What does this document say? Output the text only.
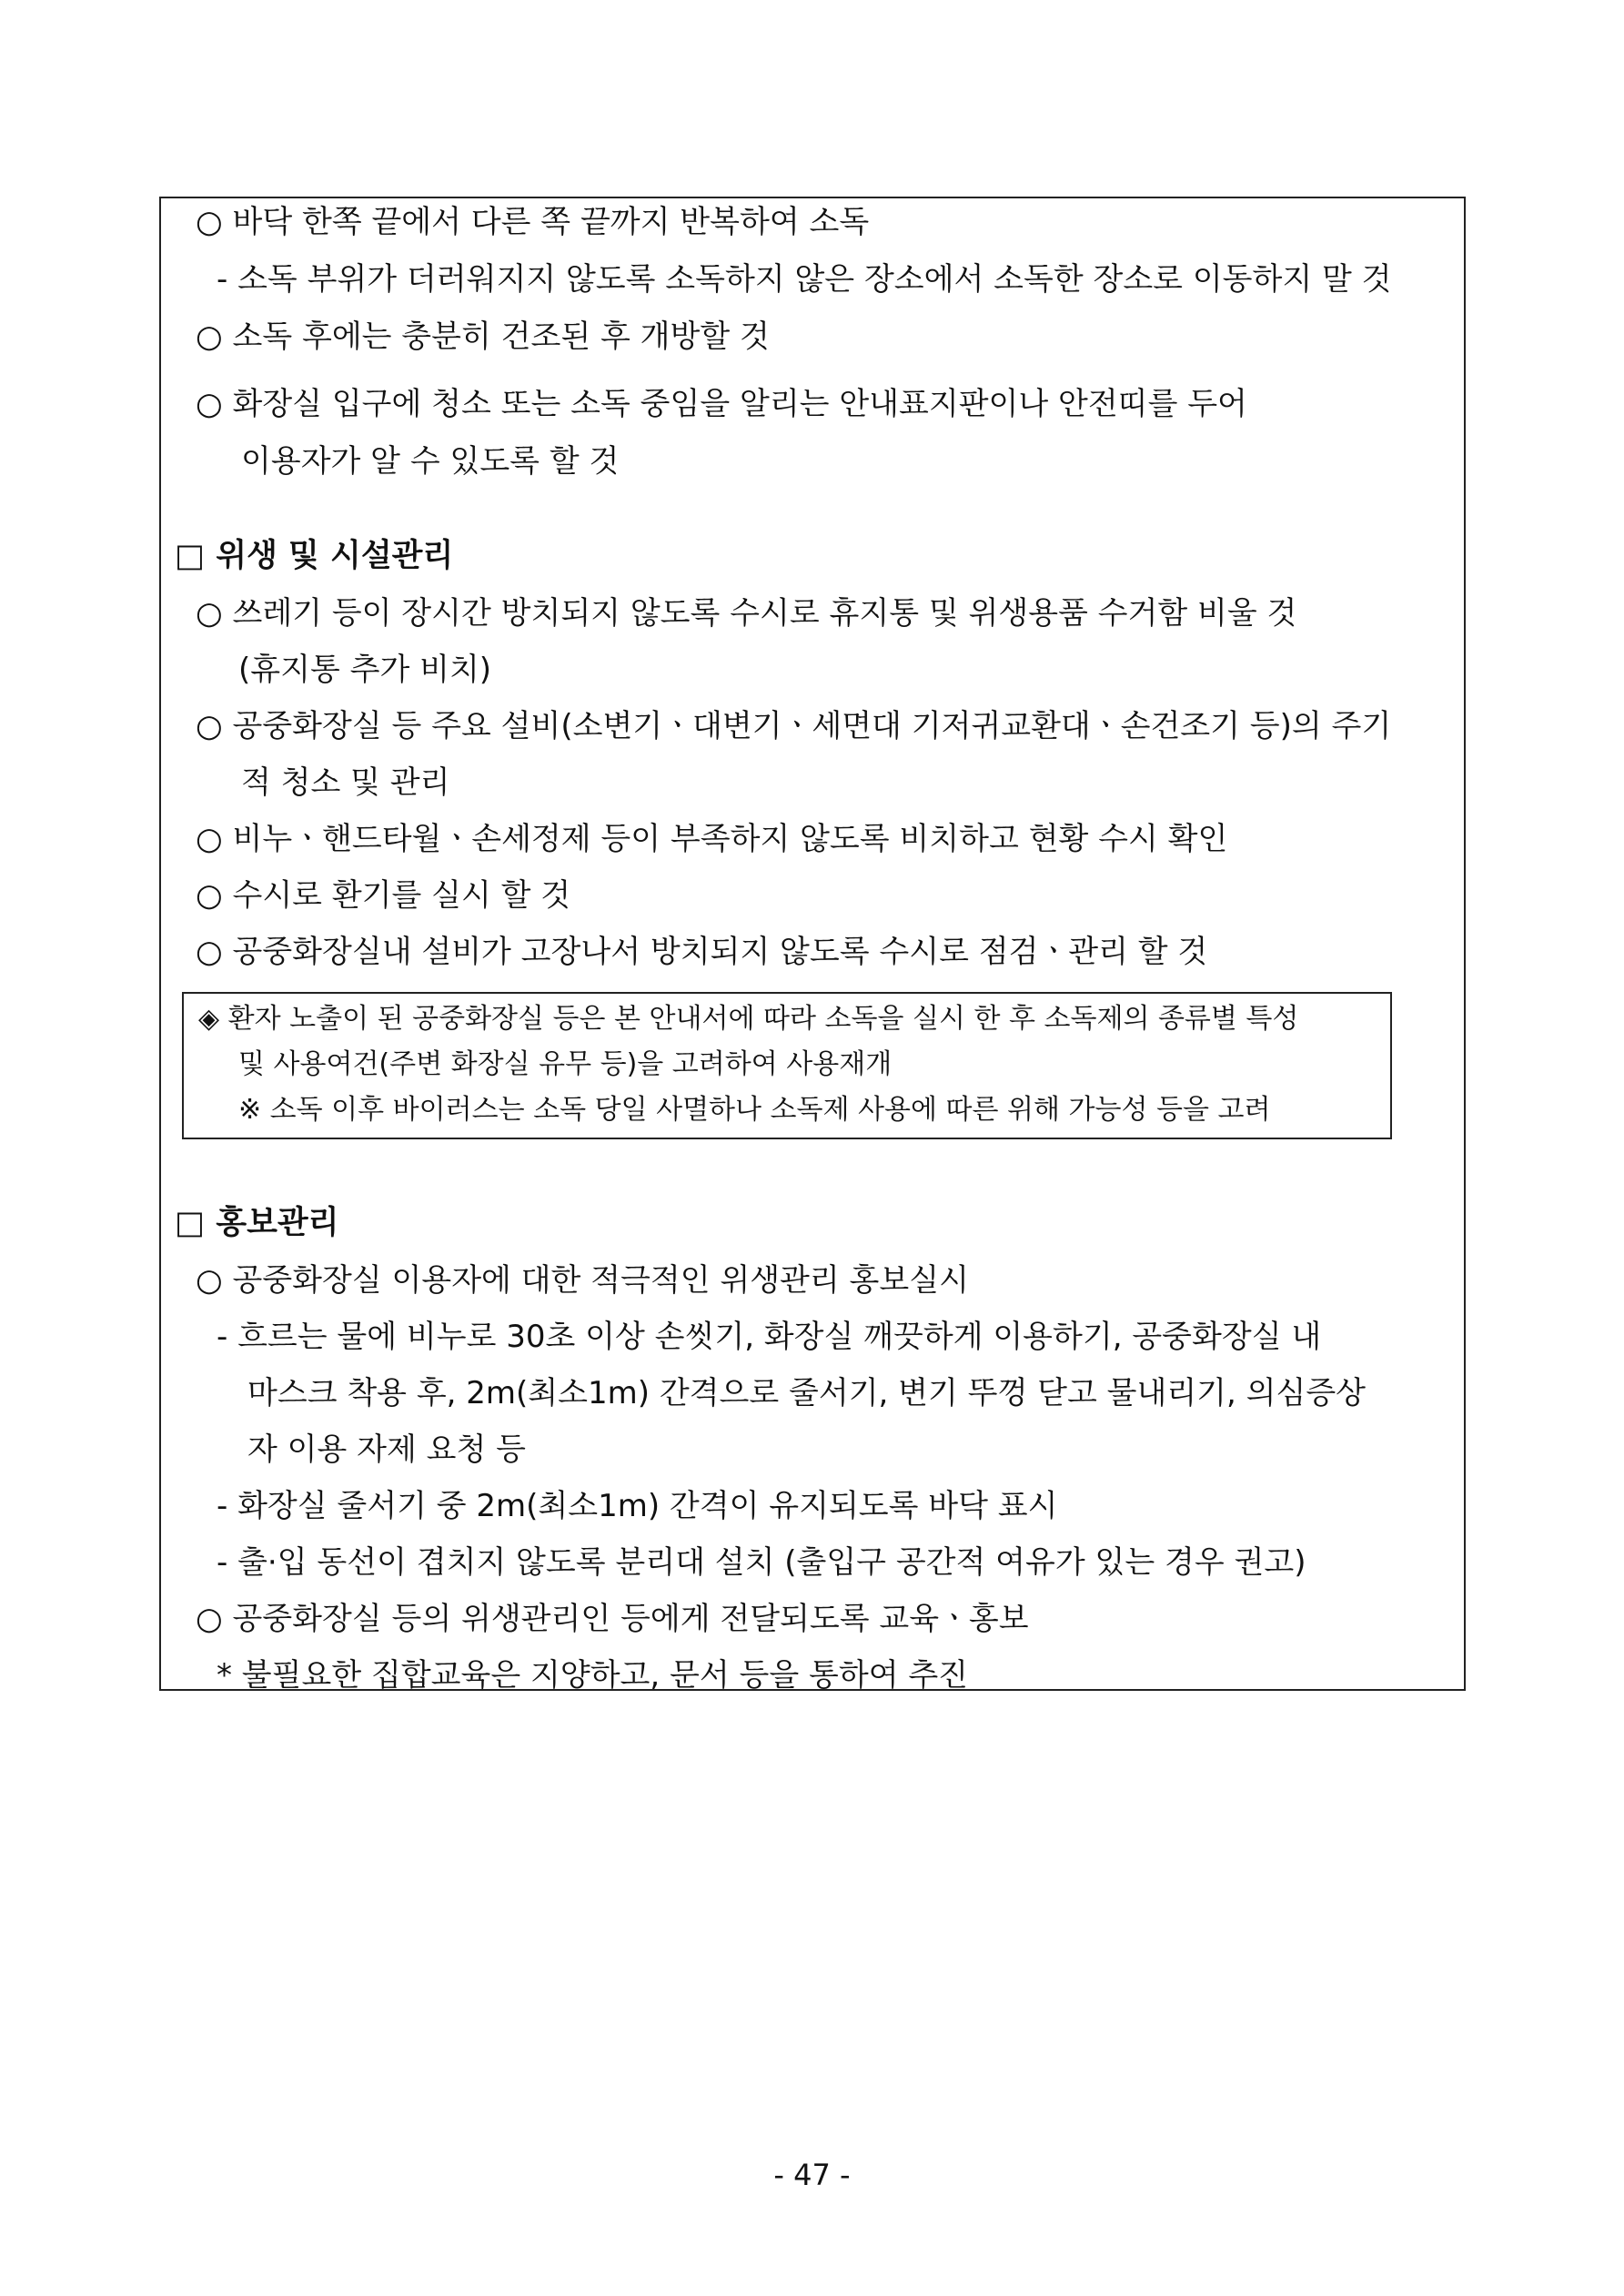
○ 바닥 한쪽 끝에서 다른 쪽 끝까지 반복하여 소독
- 소독 부위가 더러워지지 않도록 소독하지 않은 장소에서 소독한 장소로 이동하지 말 것
○ 소독 후에는 충분히 건조된 후 개방할 것
○ 화장실 입구에 청소 또는 소독 중임을 알리는 안내표지판이나 안전띠를 두어
이용자가 알 수 있도록 할 것
□ 위생 및 시설관리
○ 쓰레기 등이 장시간 방치되지 않도록 수시로 휴지통 및 위생용품 수거함 비울 것
(휴지통 추가 비치)
○ 공중화장실 등 주요 설비(소변기ㆍ대변기ㆍ세면대 기저귀교환대ㆍ손건조기 등)의 주기
적 청소 및 관리
○ 비누ㆍ핸드타월ㆍ손세정제 등이 부족하지 않도록 비치하고 현황 수시 확인
○ 수시로 환기를 실시 할 것
○ 공중화장실내 설비가 고장나서 방치되지 않도록 수시로 점검ㆍ관리 할 것
◈ 환자 노출이 된 공중화장실 등은 본 안내서에 따라 소독을 실시 한 후 소독제의 종류별 특성
및 사용여건(주변 화장실 유무 등)을 고려하여 사용재개
※ 소독 이후 바이러스는 소독 당일 사멸하나 소독제 사용에 따른 위해 가능성 등을 고려
□ 홍보관리
○ 공중화장실 이용자에 대한 적극적인 위생관리 홍보실시
- 흐르는 물에 비누로 30초 이상 손씻기, 화장실 깨끗하게 이용하기, 공중화장실 내
마스크 착용 후, 2m(최소1m) 간격으로 줄서기, 변기 뚜껑 닫고 물내리기, 의심증상
자 이용 자제 요청 등
- 화장실 줄서기 중 2m(최소1m) 간격이 유지되도록 바닥 표시
- 출·입 동선이 겹치지 않도록 분리대 설치 (출입구 공간적 여유가 있는 경우 권고)
○ 공중화장실 등의 위생관리인 등에게 전달되도록 교육ㆍ홍보
* 불필요한 집합교육은 지양하고, 문서 등을 통하여 추진
- 47 -
